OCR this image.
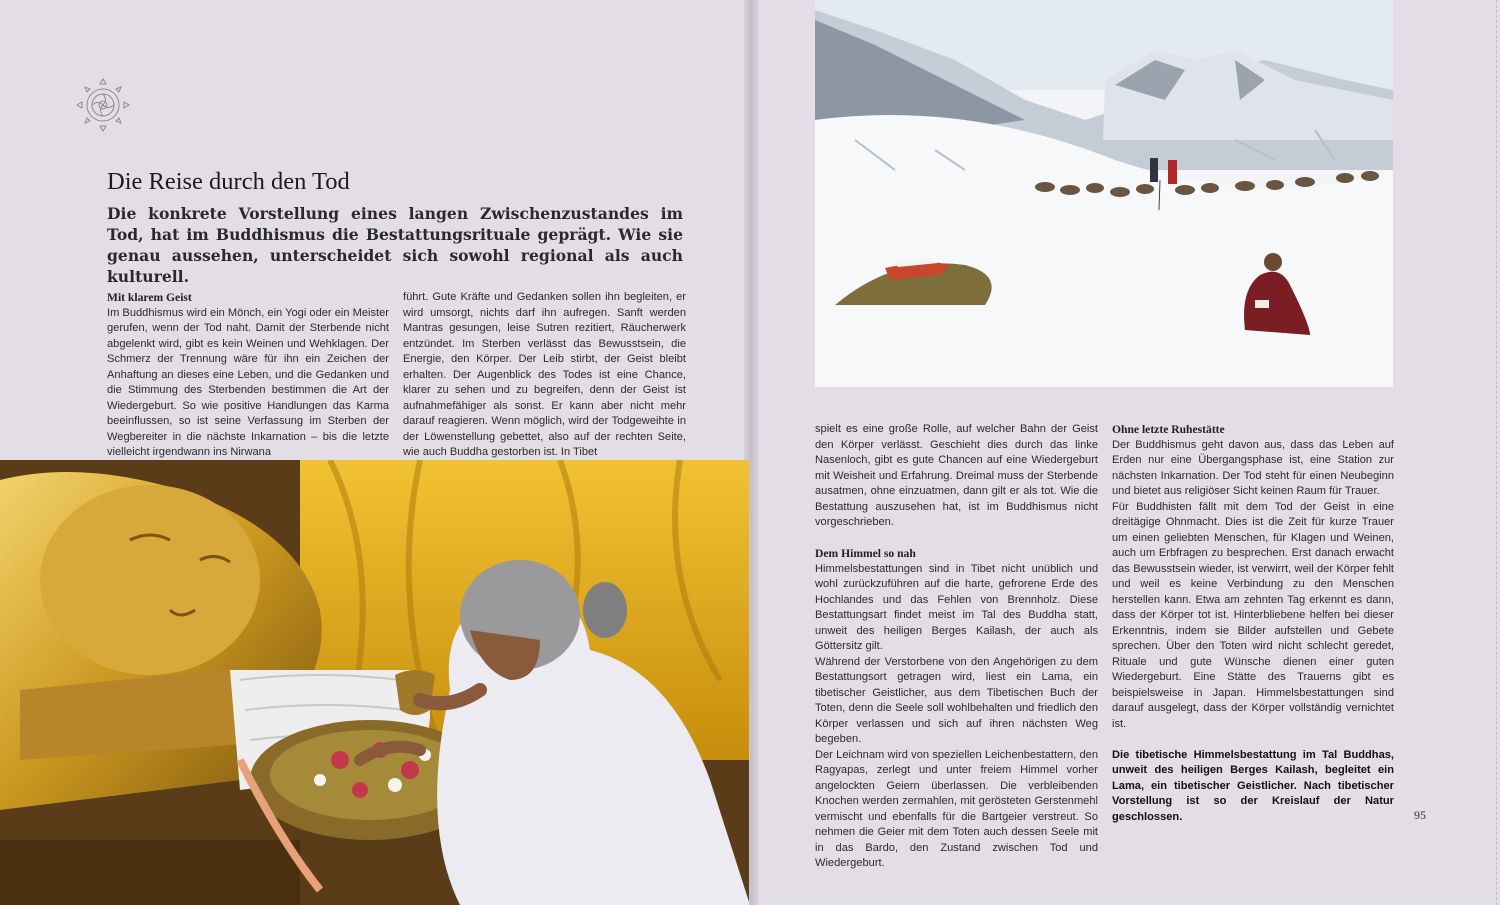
Die Reise durch den Tod

Die konkrete Vorstellung eines langen Zwischenzustandes im Tod, hat im Buddhismus die Bestattungsrituale geprägt. Wie sie genau aussehen, unterscheidet sich sowohl regional als auch kulturell.

Mit klarem Geist

Im Buddhismus wird ein Mönch, ein Yogi oder ein Meister gerufen, wenn der Tod naht. Damit der Sterbende nicht abgelenkt wird, gibt es kein Weinen und Wehklagen. Der Schmerz der Trennung wäre für ihn ein Zeichen der Anhaftung an dieses eine Leben, und die Gedanken und die Stimmung des Sterbenden bestimmen die Art der Wiedergeburt. So wie positive Handlungen das Karma beeinflussen, so ist seine Verfassung im Sterben der Wegbereiter in die nächste Inkarnation – bis die letzte vielleicht irgendwann ins Nirwana

führt. Gute Kräfte und Gedanken sollen ihn begleiten, er wird umsorgt, nichts darf ihn aufregen. Sanft werden Mantras gesungen, leise Sutren rezitiert, Räucherwerk entzündet. Im Sterben verlässt das Bewusstsein, die Energie, den Körper. Der Leib stirbt, der Geist bleibt erhalten. Der Augenblick des Todes ist eine Chance, klarer zu sehen und zu begreifen, denn der Geist ist aufnahmefähiger als sonst. Er kann aber nicht mehr darauf reagieren. Wenn möglich, wird der Todgeweihte in der Löwenstellung gebettet, also auf der rechten Seite, wie auch Buddha gestorben ist. In Tibet

spielt es eine große Rolle, auf welcher Bahn der Geist den Körper verlässt. Geschieht dies durch das linke Nasenloch, gibt es gute Chancen auf eine Wiedergeburt mit Weisheit und Erfahrung. Dreimal muss der Sterbende ausatmen, ohne einzuatmen, dann gilt er als tot. Wie die Bestattung auszusehen hat, ist im Buddhismus nicht vorgeschrieben.

Dem Himmel so nah

Himmelsbestattungen sind in Tibet nicht unüblich und wohl zurückzuführen auf die harte, gefrorene Erde des Hochlandes und das Fehlen von Brennholz. Diese Bestattungsart findet meist im Tal des Buddha statt, unweit des heiligen Berges Kailash, der auch als Göttersitz gilt.

Während der Verstorbene von den Angehörigen zu dem Bestattungsort getragen wird, liest ein Lama, ein tibetischer Geistlicher, aus dem Tibetischen Buch der Toten, denn die Seele soll wohlbehalten und friedlich den Körper verlassen und sich auf ihren nächsten Weg begeben.

Der Leichnam wird von speziellen Leichenbestattern, den Ragyapas, zerlegt und unter freiem Himmel vorher angelockten Geiern überlassen. Die verbleibenden Knochen werden zermahlen, mit gerösteten Gerstenmehl vermischt und ebenfalls für die Bartgeier verstreut. So nehmen die Geier mit dem Toten auch dessen Seele mit in das Bardo, den Zustand zwischen Tod und Wiedergeburt.

Ohne letzte Ruhestätte

Der Buddhismus geht davon aus, dass das Leben auf Erden nur eine Übergangsphase ist, eine Station zur nächsten Inkarnation. Der Tod steht für einen Neubeginn und bietet aus religiöser Sicht keinen Raum für Trauer.

Für Buddhisten fällt mit dem Tod der Geist in eine dreitägige Ohnmacht. Dies ist die Zeit für kurze Trauer um einen geliebten Menschen, für Klagen und Weinen, auch um Erbfragen zu besprechen. Erst danach erwacht das Bewusstsein wieder, ist verwirrt, weil der Körper fehlt und weil es keine Verbindung zu den Menschen herstellen kann. Etwa am zehnten Tag erkennt es dann, dass der Körper tot ist. Hinterbliebene helfen bei dieser Erkenntnis, indem sie Bilder aufstellen und Gebete sprechen. Über den Toten wird nicht schlecht geredet, Rituale und gute Wünsche dienen einer guten Wiedergeburt. Eine Stätte des Trauerns gibt es beispielsweise in Japan. Himmelsbestattungen sind darauf ausgelegt, dass der Körper vollständig vernichtet ist.

Die tibetische Himmelsbestattung im Tal Buddhas, unweit des heiligen Berges Kailash, begleitet ein Lama, ein tibetischer Geistlicher. Nach tibetischer Vorstellung ist so der Kreislauf der Natur geschlossen.	95
